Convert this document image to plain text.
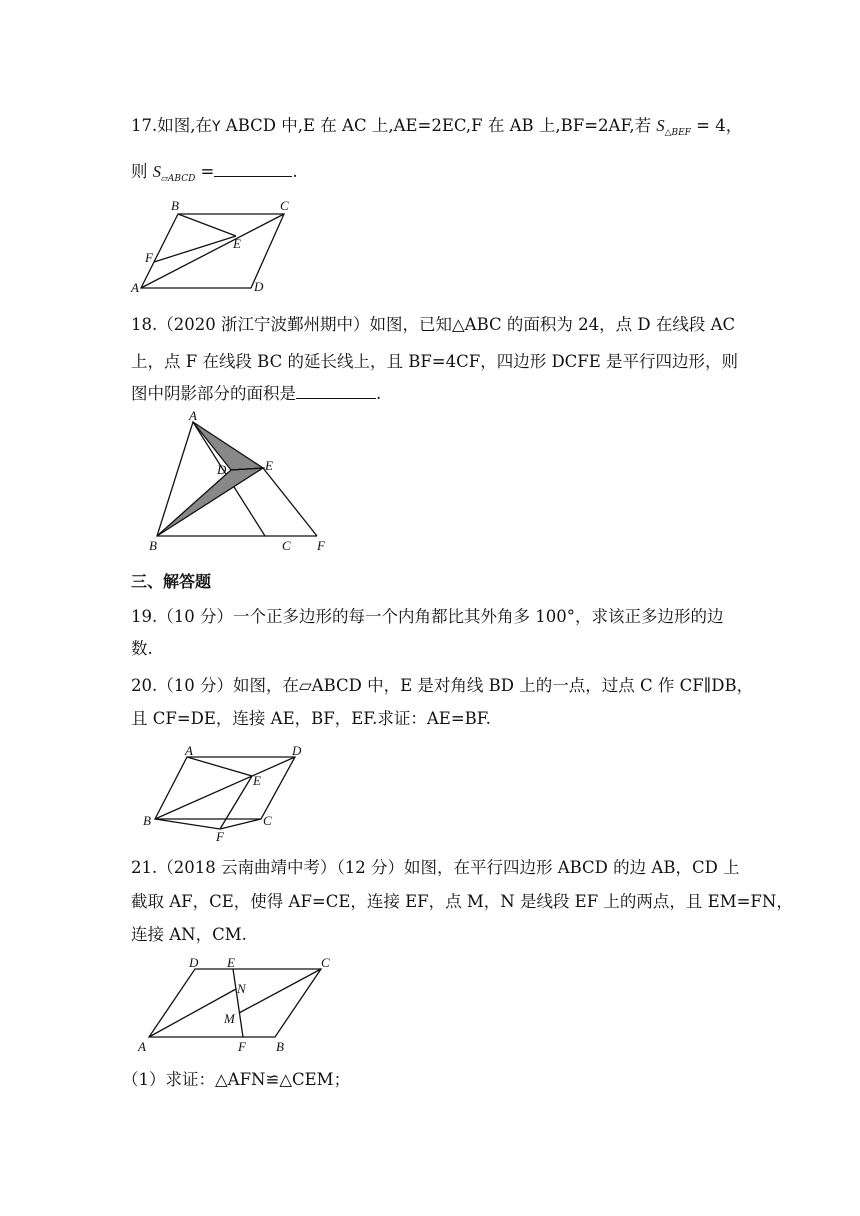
17.如图,在Y ABCD 中,E 在 AC 上,AE=2EC,F 在 AB 上,BF=2AF,若 $S_{\triangle BEF} = 4$，

则 $S_{▱ABCD}$ =	.

A
B	C
D
E
F

18.（2020 浙江宁波鄞州期中）如图，已知△ABC 的面积为 24，点 D 在线段 AC

上，点 F 在线段 BC 的延长线上，且 BF=4CF，四边形 DCFE 是平行四边形，则

图中阴影部分的面积是	.

A
B	C
D	E
F

三、解答题

19.（10 分）一个正多边形的每一个内角都比其外角多 100°，求该正多边形的边

数.

20.（10 分）如图，在▱ABCD 中，E 是对角线 BD 上的一点，过点 C 作 CF∥DB，

且 CF=DE，连接 AE，BF，EF.求证：AE=BF.

A
B	C
D
E
F

21.（2018 云南曲靖中考）（12 分）如图，在平行四边形 ABCD 的边 AB，CD 上

截取 AF，CE，使得 AF=CE，连接 EF，点 M，N 是线段 EF 上的两点，且 EM=FN，

连接 AN，CM.

A	B
C
D E
F
M
N

（1）求证：△AFN≌△CEM；
